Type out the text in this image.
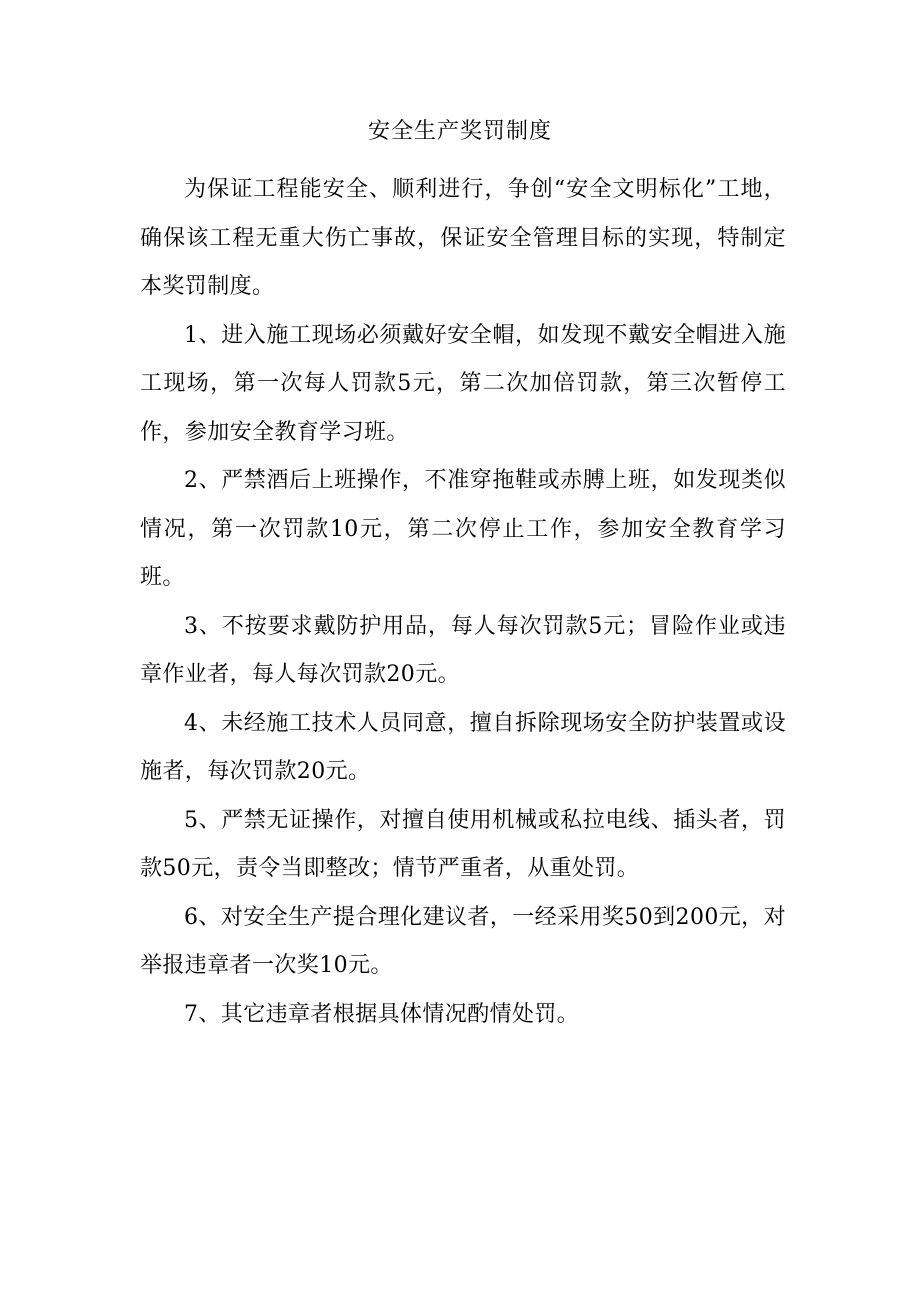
安全生产奖罚制度

为保证工程能安全、顺利进行，争创“安全文明标化”工地，确保该工程无重大伤亡事故，保证安全管理目标的实现，特制定本奖罚制度。

1、进入施工现场必须戴好安全帽，如发现不戴安全帽进入施工现场，第一次每人罚款5元，第二次加倍罚款，第三次暂停工作，参加安全教育学习班。

2、严禁酒后上班操作，不准穿拖鞋或赤膊上班，如发现类似情况，第一次罚款10元，第二次停止工作，参加安全教育学习班。

3、不按要求戴防护用品，每人每次罚款5元；冒险作业或违章作业者，每人每次罚款20元。

4、未经施工技术人员同意，擅自拆除现场安全防护装置或设施者，每次罚款20元。

5、严禁无证操作，对擅自使用机械或私拉电线、插头者，罚款50元，责令当即整改；情节严重者，从重处罚。

6、对安全生产提合理化建议者，一经采用奖50到200元，对举报违章者一次奖10元。

7、其它违章者根据具体情况酌情处罚。
